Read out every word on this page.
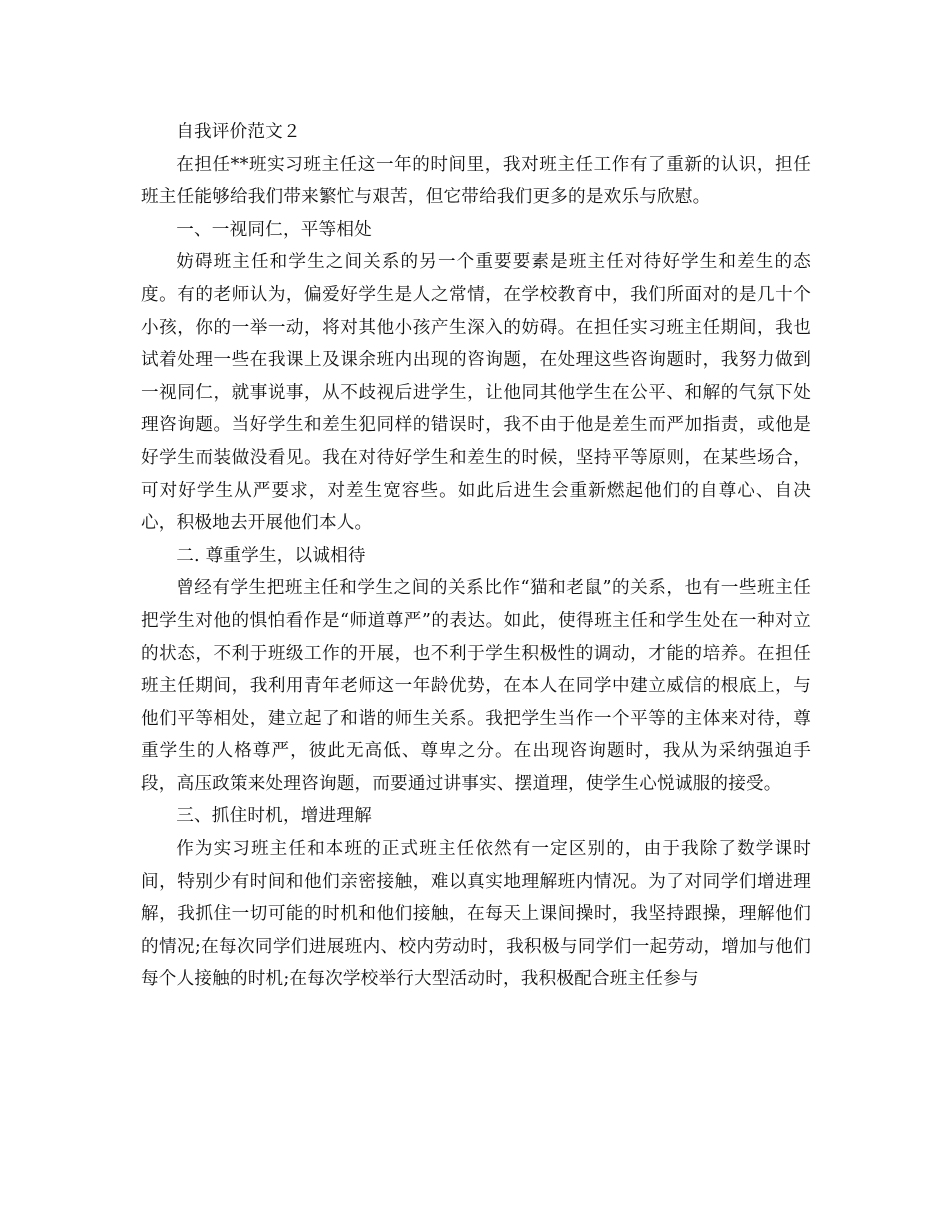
自我评价范文２

在担任**班实习班主任这一年的时间里，我对班主任工作有了重新的认识，担任班主任能够给我们带来繁忙与艰苦，但它带给我们更多的是欢乐与欣慰。

一、一视同仁，平等相处

妨碍班主任和学生之间关系的另一个重要要素是班主任对待好学生和差生的态度。有的老师认为，偏爱好学生是人之常情，在学校教育中，我们所面对的是几十个小孩，你的一举一动，将对其他小孩产生深入的妨碍。在担任实习班主任期间，我也试着处理一些在我课上及课余班内出现的咨询题，在处理这些咨询题时，我努力做到一视同仁，就事说事，从不歧视后进学生，让他同其他学生在公平、和解的气氛下处理咨询题。当好学生和差生犯同样的错误时，我不由于他是差生而严加指责，或他是好学生而装做没看见。我在对待好学生和差生的时候，坚持平等原则，在某些场合，可对好学生从严要求，对差生宽容些。如此后进生会重新燃起他们的自尊心、自决心，积极地去开展他们本人。

二. 尊重学生，以诚相待

曾经有学生把班主任和学生之间的关系比作“猫和老鼠”的关系，也有一些班主任把学生对他的惧怕看作是“师道尊严”的表达。如此，使得班主任和学生处在一种对立的状态，不利于班级工作的开展，也不利于学生积极性的调动，才能的培养。在担任班主任期间，我利用青年老师这一年龄优势，在本人在同学中建立威信的根底上，与他们平等相处，建立起了和谐的师生关系。我把学生当作一个平等的主体来对待，尊重学生的人格尊严，彼此无高低、尊卑之分。在出现咨询题时，我从为采纳强迫手段，高压政策来处理咨询题，而要通过讲事实、摆道理，使学生心悦诚服的接受。

三、抓住时机，增进理解

作为实习班主任和本班的正式班主任依然有一定区别的，由于我除了数学课时间，特别少有时间和他们亲密接触，难以真实地理解班内情况。为了对同学们增进理解，我抓住一切可能的时机和他们接触，在每天上课间操时，我坚持跟操，理解他们的情况;在每次同学们进展班内、校内劳动时，我积极与同学们一起劳动，增加与他们每个人接触的时机;在每次学校举行大型活动时，我积极配合班主任参与
